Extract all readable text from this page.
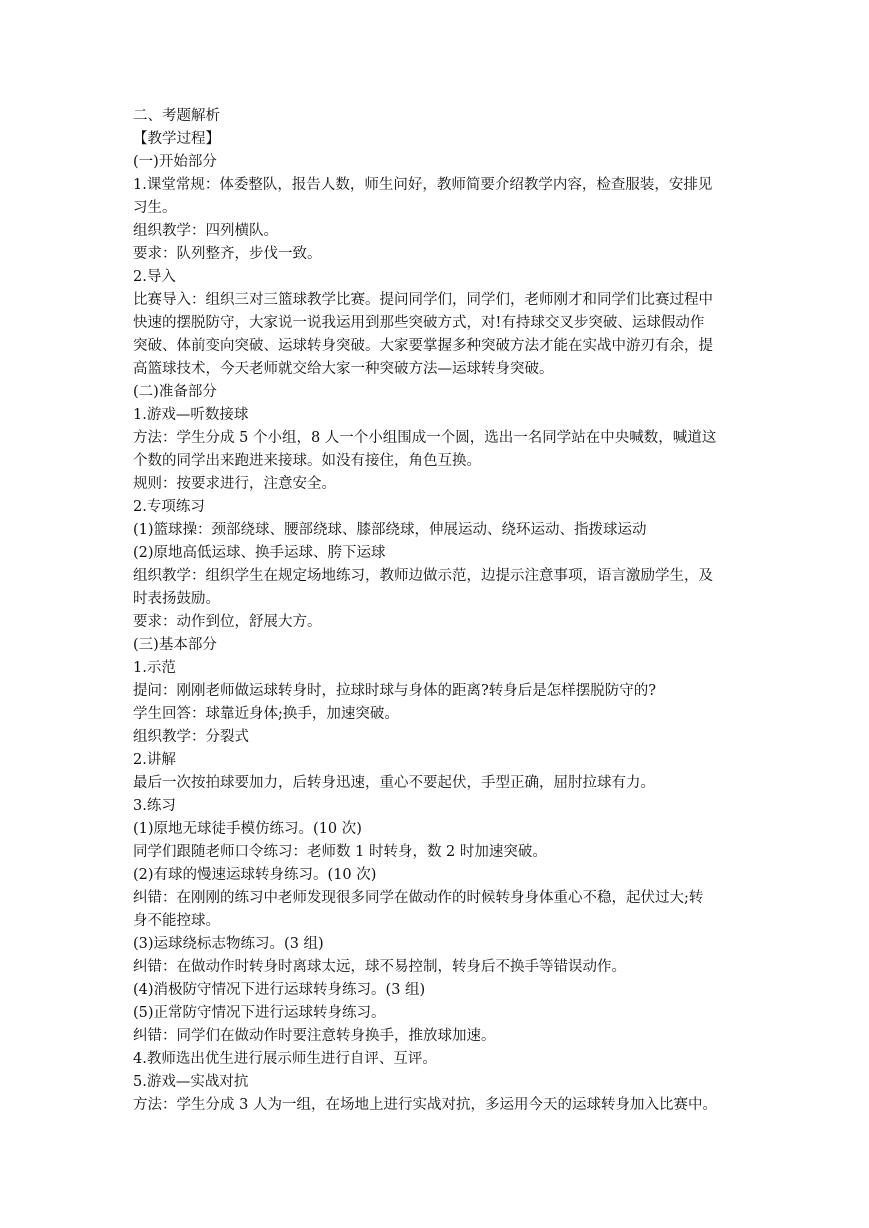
二、考题解析

【教学过程】

(一)开始部分

1.课堂常规：体委整队，报告人数，师生问好，教师简要介绍教学内容，检查服装，安排见

习生。

组织教学：四列横队。

要求：队列整齐，步伐一致。

2.导入

比赛导入：组织三对三篮球教学比赛。提问同学们，同学们，老师刚才和同学们比赛过程中

快速的摆脱防守，大家说一说我运用到那些突破方式，对!有持球交叉步突破、运球假动作

突破、体前变向突破、运球转身突破。大家要掌握多种突破方法才能在实战中游刃有余，提

高篮球技术，今天老师就交给大家一种突破方法—运球转身突破。

(二)准备部分

1.游戏—听数接球

方法：学生分成 5 个小组，8 人一个小组围成一个圆，选出一名同学站在中央喊数，喊道这

个数的同学出来跑进来接球。如没有接住，角色互换。

规则：按要求进行，注意安全。

2.专项练习

(1)篮球操：颈部绕球、腰部绕球、膝部绕球，伸展运动、绕环运动、指拨球运动

(2)原地高低运球、换手运球、胯下运球

组织教学：组织学生在规定场地练习，教师边做示范，边提示注意事项，语言激励学生，及

时表扬鼓励。

要求：动作到位，舒展大方。

(三)基本部分

1.示范

提问：刚刚老师做运球转身时，拉球时球与身体的距离?转身后是怎样摆脱防守的?

学生回答：球靠近身体;换手，加速突破。

组织教学：分裂式

2.讲解

最后一次按拍球要加力，后转身迅速，重心不要起伏，手型正确，屈肘拉球有力。

3.练习

(1)原地无球徒手模仿练习。(10 次)

同学们跟随老师口令练习：老师数 1 时转身，数 2 时加速突破。

(2)有球的慢速运球转身练习。(10 次)

纠错：在刚刚的练习中老师发现很多同学在做动作的时候转身身体重心不稳，起伏过大;转

身不能控球。

(3)运球绕标志物练习。(3 组)

纠错：在做动作时转身时离球太远，球不易控制，转身后不换手等错误动作。

(4)消极防守情况下进行运球转身练习。(3 组)

(5)正常防守情况下进行运球转身练习。

纠错：同学们在做动作时要注意转身换手，推放球加速。

4.教师选出优生进行展示师生进行自评、互评。

5.游戏—实战对抗

方法：学生分成 3 人为一组，在场地上进行实战对抗，多运用今天的运球转身加入比赛中。
